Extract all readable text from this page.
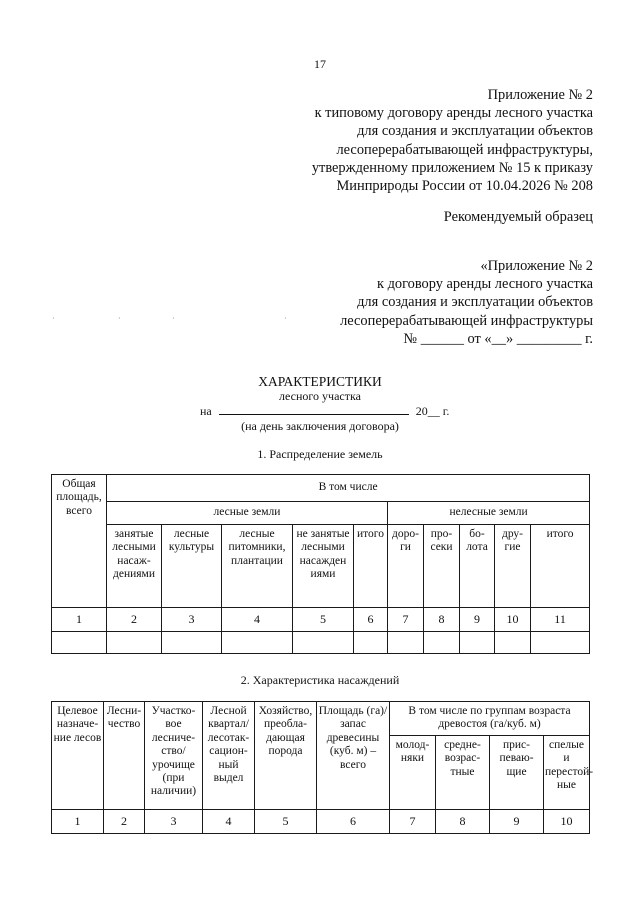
17
Приложение № 2
к типовому договору аренды лесного участка
для создания и эксплуатации объектов
лесоперерабатывающей инфраструктуры,
утвержденному приложением № 15 к приказу
Минприроды России от 10.04.2026 № 208
Рекомендуемый образец
«Приложение № 2
к договору аренды лесного участка
для создания и эксплуатации объектов
лесоперерабатывающей инфраструктуры
№ ______ от «__» _________ г.
·	·	·	·
ХАРАКТЕРИСТИКИ
лесного участка
на	20__ г.
(на день заключения договора)
1. Распределение земель
Общая площадь, всего	В том числе									
	лесные земли					нелесные земли				
	занятые лесными насаж- дениями	лесные культуры	лесные питомники, плантации	не занятые лесными насажден иями	итого	доро- ги	про- секи	бо- лота	дру- гие	итого
1	2	3	4	5	6	7	8	9	10	11

2. Характеристика насаждений
Целевое назначе- ние лесов	Лесни- чество	Участко- вое лесниче- ство/ урочище (при наличии)	Лесной квартал/ лесотак- сацион- ный выдел	Хозяйство, преобла- дающая порода	Площадь (га)/запас древесины (куб. м) – всего	В том числе по группам возраста древостоя (га/куб. м)			
						молод- няки	средне- возрас- тные	прис- певаю- щие	спелые и перестой- ные
1	2	3	4	5	6	7	8	9	10
